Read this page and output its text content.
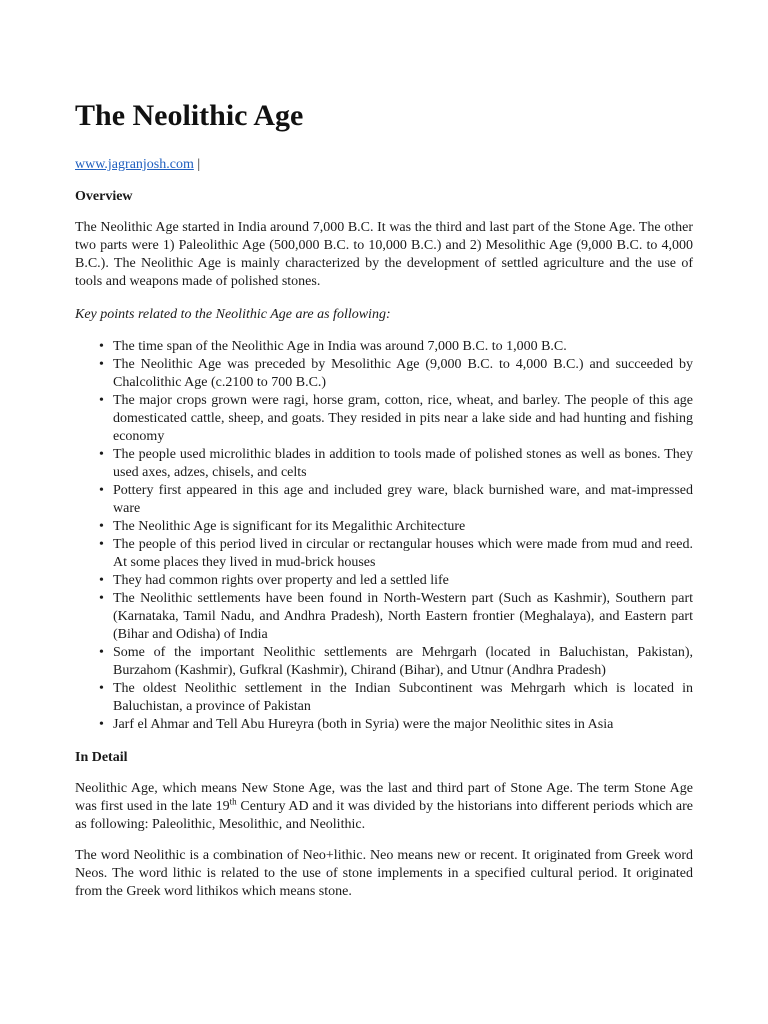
The Neolithic Age
www.jagranjosh.com |
Overview

The Neolithic Age started in India around 7,000 B.C. It was the third and last part of the Stone Age. The other two parts were 1) Paleolithic Age (500,000 B.C. to 10,000 B.C.) and 2) Mesolithic Age (9,000 B.C. to 4,000 B.C.). The Neolithic Age is mainly characterized by the development of settled agriculture and the use of tools and weapons made of polished stones.

Key points related to the Neolithic Age are as following:

• The time span of the Neolithic Age in India was around 7,000 B.C. to 1,000 B.C.
• The Neolithic Age was preceded by Mesolithic Age (9,000 B.C. to 4,000 B.C.) and succeeded by Chalcolithic Age (c.2100 to 700 B.C.)
• The major crops grown were ragi, horse gram, cotton, rice, wheat, and barley. The people of this age domesticated cattle, sheep, and goats. They resided in pits near a lake side and had hunting and fishing economy
• The people used microlithic blades in addition to tools made of polished stones as well as bones. They used axes, adzes, chisels, and celts
• Pottery first appeared in this age and included grey ware, black burnished ware, and mat-impressed ware
• The Neolithic Age is significant for its Megalithic Architecture
• The people of this period lived in circular or rectangular houses which were made from mud and reed. At some places they lived in mud-brick houses
• They had common rights over property and led a settled life
• The Neolithic settlements have been found in North-Western part (Such as Kashmir), Southern part (Karnataka, Tamil Nadu, and Andhra Pradesh), North Eastern frontier (Meghalaya), and Eastern part (Bihar and Odisha) of India
• Some of the important Neolithic settlements are Mehrgarh (located in Baluchistan, Pakistan), Burzahom (Kashmir), Gufkral (Kashmir), Chirand (Bihar), and Utnur (Andhra Pradesh)
• The oldest Neolithic settlement in the Indian Subcontinent was Mehrgarh which is located in Baluchistan, a province of Pakistan
• Jarf el Ahmar and Tell Abu Hureyra (both in Syria) were the major Neolithic sites in Asia
In Detail

Neolithic Age, which means New Stone Age, was the last and third part of Stone Age. The term Stone Age was first used in the late 19th Century AD and it was divided by the historians into different periods which are as following: Paleolithic, Mesolithic, and Neolithic.

The word Neolithic is a combination of Neo+lithic. Neo means new or recent. It originated from Greek word Neos. The word lithic is related to the use of stone implements in a specified cultural period. It originated from the Greek word lithikos which means stone.
